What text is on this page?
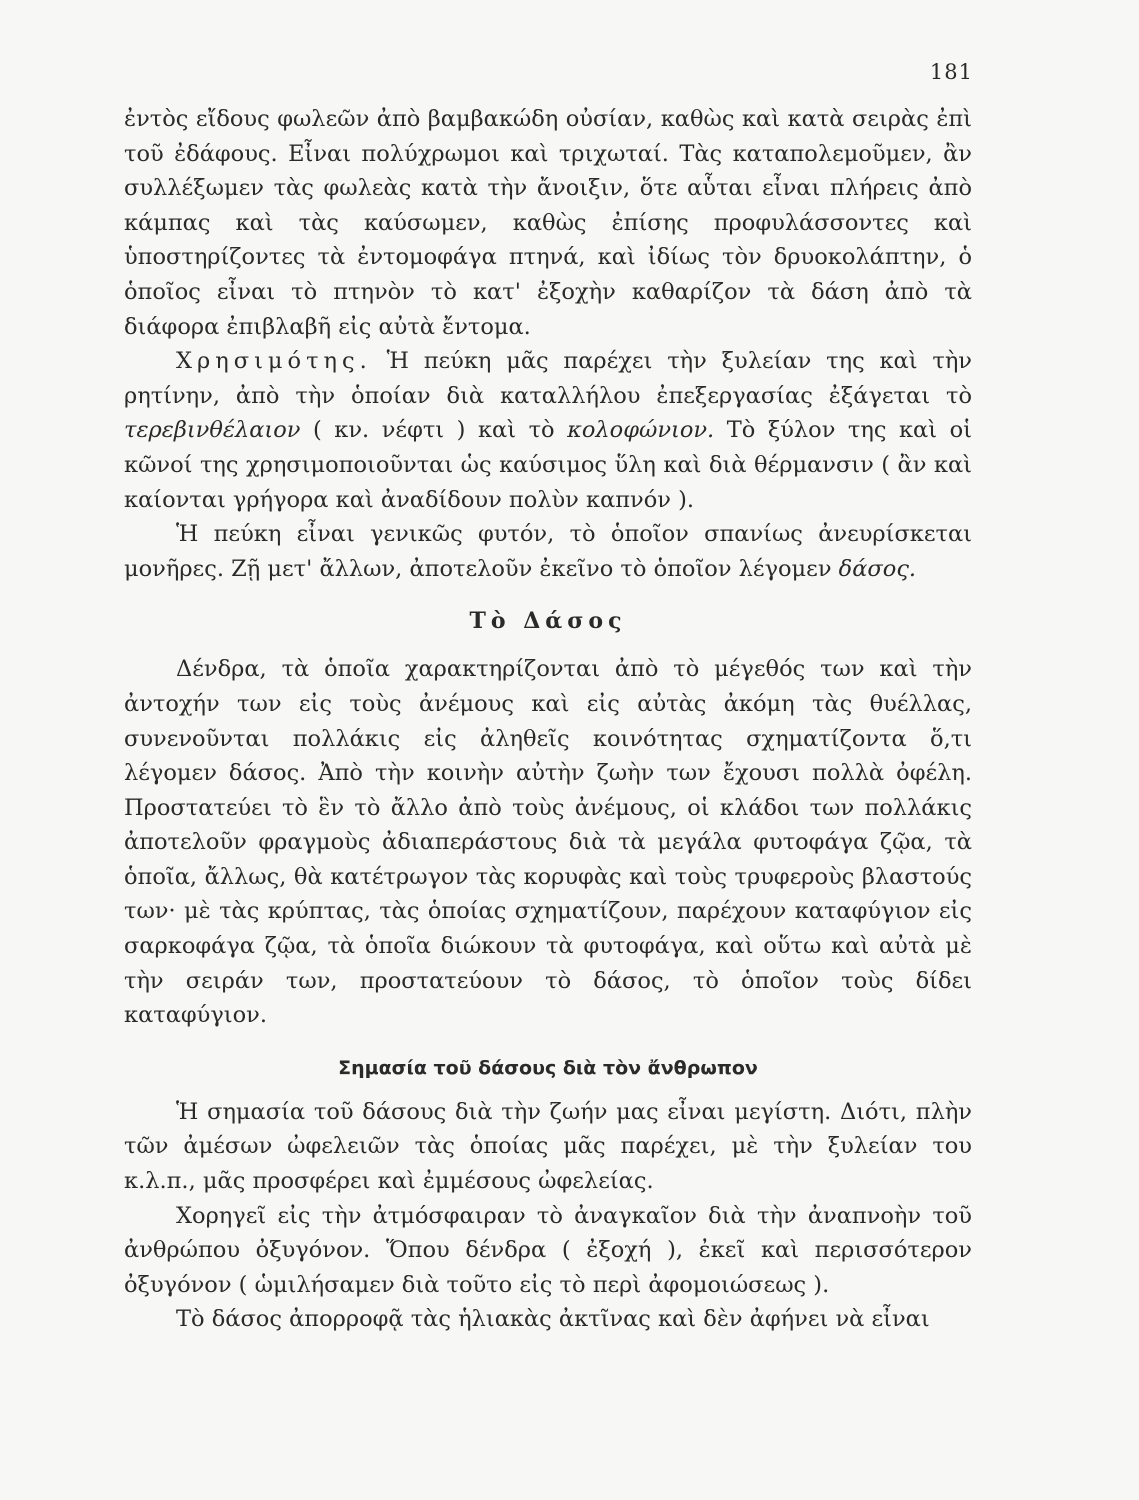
181

ἐντὸς εἴδους φωλεῶν ἀπὸ βαμβακώδη οὐσίαν, καθὼς καὶ κατὰ σειρὰς ἐπὶ τοῦ ἐδάφους. Εἶναι πολύχρωμοι καὶ τριχωταί. Τὰς καταπολεμοῦμεν, ἂν συλλέξωμεν τὰς φωλεὰς κατὰ τὴν ἄνοιξιν, ὅτε αὗται εἶναι πλήρεις ἀπὸ κάμπας καὶ τὰς καύσωμεν, καθὼς ἐπίσης προφυλάσσοντες καὶ ὑποστηρίζοντες τὰ ἐντομοφάγα πτηνά, καὶ ἰδίως τὸν δρυοκολάπτην, ὁ ὁποῖος εἶναι τὸ πτηνὸν τὸ κατ' ἐξοχὴν καθαρίζον τὰ δάση ἀπὸ τὰ διάφορα ἐπιβλαβῆ εἰς αὐτὰ ἔντομα.

Χρησιμότης. Ἡ πεύκη μᾶς παρέχει τὴν ξυλείαν της καὶ τὴν ρητίνην, ἀπὸ τὴν ὁποίαν διὰ καταλλήλου ἐπεξεργασίας ἐξάγεται τὸ τερεβινθέλαιον ( κν. νέφτι ) καὶ τὸ κολοφώνιον. Τὸ ξύλον της καὶ οἱ κῶνοί της χρησιμοποιοῦνται ὡς καύσιμος ὕλη καὶ διὰ θέρμανσιν ( ἂν καὶ καίονται γρήγορα καὶ ἀναδίδουν πολὺν καπνόν ).

Ἡ πεύκη εἶναι γενικῶς φυτόν, τὸ ὁποῖον σπανίως ἀνευρίσκεται μονῆρες. Ζῇ μετ' ἄλλων, ἀποτελοῦν ἐκεῖνο τὸ ὁποῖον λέγομεν δάσος.

Τὸ Δάσος

Δένδρα, τὰ ὁποῖα χαρακτηρίζονται ἀπὸ τὸ μέγεθός των καὶ τὴν ἀντοχήν των εἰς τοὺς ἀνέμους καὶ εἰς αὐτὰς ἀκόμη τὰς θυέλλας, συνενοῦνται πολλάκις εἰς ἀληθεῖς κοινότητας σχηματίζοντα ὅ,τι λέγομεν δάσος. Ἀπὸ τὴν κοινὴν αὐτὴν ζωὴν των ἔχουσι πολλὰ ὀφέλη. Προστατεύει τὸ ἓν τὸ ἄλλο ἀπὸ τοὺς ἀνέμους, οἱ κλάδοι των πολλάκις ἀποτελοῦν φραγμοὺς ἀδιαπεράστους διὰ τὰ μεγάλα φυτοφάγα ζῷα, τὰ ὁποῖα, ἄλλως, θὰ κατέτρωγον τὰς κορυφὰς καὶ τοὺς τρυφεροὺς βλαστούς των· μὲ τὰς κρύπτας, τὰς ὁποίας σχηματίζουν, παρέχουν καταφύγιον εἰς σαρκοφάγα ζῷα, τὰ ὁποῖα διώκουν τὰ φυτοφάγα, καὶ οὕτω καὶ αὐτὰ μὲ τὴν σειράν των, προστατεύουν τὸ δάσος, τὸ ὁποῖον τοὺς δίδει καταφύγιον.

Σημασία τοῦ δάσους διὰ τὸν ἄνθρωπον

Ἡ σημασία τοῦ δάσους διὰ τὴν ζωήν μας εἶναι μεγίστη. Διότι, πλὴν τῶν ἀμέσων ὠφελειῶν τὰς ὁποίας μᾶς παρέχει, μὲ τὴν ξυλείαν του κ.λ.π., μᾶς προσφέρει καὶ ἐμμέσους ὠφελείας.

Χορηγεῖ εἰς τὴν ἀτμόσφαιραν τὸ ἀναγκαῖον διὰ τὴν ἀναπνοὴν τοῦ ἀνθρώπου ὀξυγόνον. Ὅπου δένδρα ( ἐξοχή ), ἐκεῖ καὶ περισσότερον ὀξυγόνον ( ὡμιλήσαμεν διὰ τοῦτο εἰς τὸ περὶ ἀφομοιώσεως ).

Τὸ δάσος ἀπορροφᾷ τὰς ἡλιακὰς ἀκτῖνας καὶ δὲν ἀφήνει νὰ εἶναι
